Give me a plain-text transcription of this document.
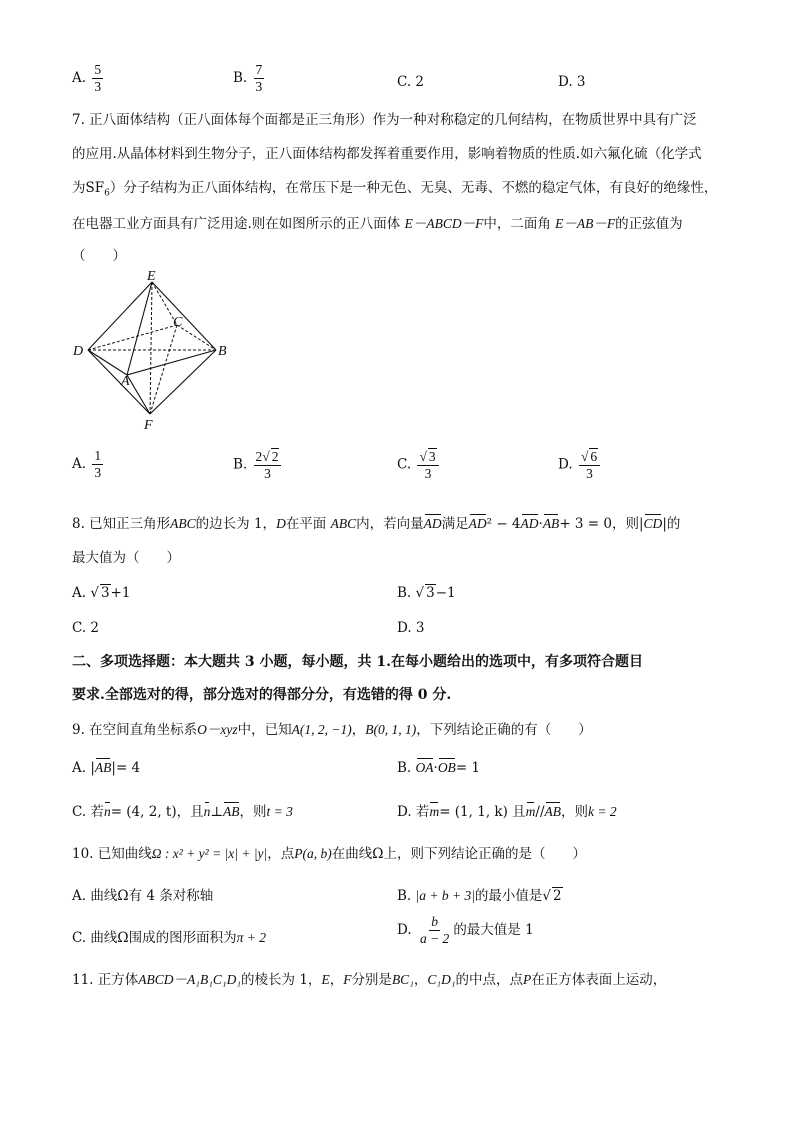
A. $\frac{5}{3}$	B. $\frac{7}{3}$	C. 2	D. 3
7. 正八面体结构（正八面体每个面都是正三角形）作为一种对称稳定的几何结构，在物质世界中具有广泛
的应用.从晶体材料到生物分子，正八面体结构都发挥着重要作用，影响着物质的性质.如六氟化硫（化学式
为$SF_6$）分子结构为正八面体结构，在常压下是一种无色、无臭、无毒、不燃的稳定气体，有良好的绝缘性，
在电器工业方面具有广泛用途.则在如图所示的正八面体 E－ABCD－F中，二面角 E－AB－F的正弦值为
（　　）
E
C
D	B
A
F
A. $\frac{1}{3}$	B. $\frac{2√ 2}{3}$	C. $\frac{√ 3}{3}$	D. $\frac{√ 6}{3}$
8. 已知正三角形ABC的边长为 1，D在平面 ABC内，若向量AD满足AD² − 4AD·AB+ 3 = 0，则|CD|的
最大值为（　　）
A. √ 3+1	B. √ 3−1
C. 2	D. 3
二、多项选择题：本大题共 3 小题，每小题，共 1.在每小题给出的选项中，有多项符合题目
要求.全部选对的得，部分选对的得部分分，有选错的得 0 分.
9. 在空间直角坐标系O－xyz中，已知A(1, 2, −1)，B(0, 1, 1)，下列结论正确的有（　　）
A. |AB|= 4	B. OA·OB= 1
C. 若n= (4, 2, t)，且n⊥AB，则t = 3	D. 若m= (1, 1, k) 且m//AB，则k = 2
10. 已知曲线Ω : x² + y² = |x| + |y|，点P(a, b)在曲线Ω上，则下列结论正确的是（　　）
A. 曲线Ω有 4 条对称轴	B. |a + b + 3|的最小值是√ 2
C. 曲线Ω围成的图形面积为π + 2	D. $\frac{b}{a - 2}$ 的最大值是 1
11. 正方体ABCD－A₁B₁C₁D₁的棱长为 1，E，F分别是BC₁，C₁D₁的中点，点P在正方体表面上运动，
